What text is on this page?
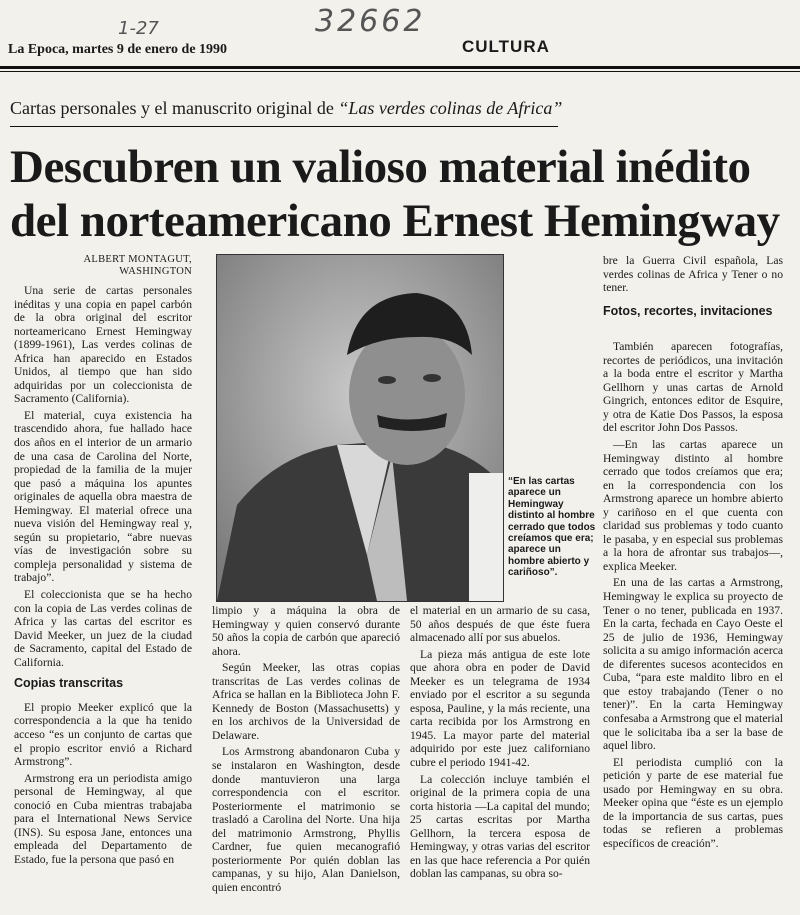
1-27	32662
La Epoca, martes 9 de enero de 1990	CULTURA
Cartas personales y el manuscrito original de “Las verdes colinas de Africa”
Descubren un valioso material inédito
del norteamericano Ernest Hemingway
ALBERT MONTAGUT,
WASHINGTON

Una serie de cartas personales inéditas y una copia en papel carbón de la obra original del escritor norteamericano Ernest Hemingway (1899-1961), Las verdes colinas de Africa han aparecido en Estados Unidos, al tiempo que han sido adquiridas por un coleccionista de Sacramento (California).

El material, cuya existencia ha trascendido ahora, fue hallado hace dos años en el interior de un armario de una casa de Carolina del Norte, propiedad de la familia de la mujer que pasó a máquina los apuntes originales de aquella obra maestra de Hemingway. El material ofrece una nueva visión del Hemingway real y, según su propietario, “abre nuevas vías de investigación sobre su compleja personalidad y sistema de trabajo”.

El coleccionista que se ha hecho con la copia de Las verdes colinas de Africa y las cartas del escritor es David Meeker, un juez de la ciudad de Sacramento, capital del Estado de California.

Copias transcritas

El propio Meeker explicó que la correspondencia a la que ha tenido acceso “es un conjunto de cartas que el propio escritor envió a Richard Armstrong”.

Armstrong era un periodista amigo personal de Hemingway, al que conoció en Cuba mientras trabajaba para el International News Service (INS). Su esposa Jane, entonces una empleada del Departamento de Estado, fue la persona que pasó en

“En las cartas aparece un Hemingway distinto al hombre cerrado que todos creíamos que era; aparece un hombre abierto y cariñoso”.

limpio y a máquina la obra de Hemingway y quien conservó durante 50 años la copia de carbón que apareció ahora.

Según Meeker, las otras copias transcritas de Las verdes colinas de Africa se hallan en la Biblioteca John F. Kennedy de Boston (Massachusetts) y en los archivos de la Universidad de Delaware.

Los Armstrong abandonaron Cuba y se instalaron en Washington, desde donde mantuvieron una larga correspondencia con el escritor. Posteriormente el matrimonio se trasladó a Carolina del Norte. Una hija del matrimonio Armstrong, Phyllis Cardner, fue quien mecanografió posteriormente Por quién doblan las campanas, y su hijo, Alan Danielson, quien encontró

el material en un armario de su casa, 50 años después de que éste fuera almacenado allí por sus abuelos.

La pieza más antigua de este lote que ahora obra en poder de David Meeker es un telegrama de 1934 enviado por el escritor a su segunda esposa, Pauline, y la más reciente, una carta recibida por los Armstrong en 1945. La mayor parte del material adquirido por este juez californiano cubre el periodo 1941-42.

La colección incluye también el original de la primera copia de una corta historia —La capital del mundo; 25 cartas escritas por Martha Gellhorn, la tercera esposa de Hemingway, y otras varias del escritor en las que hace referencia a Por quién doblan las campanas, su obra so-

bre la Guerra Civil española, Las verdes colinas de Africa y Tener o no tener.

Fotos, recortes, invitaciones

También aparecen fotografías, recortes de periódicos, una invitación a la boda entre el escritor y Martha Gellhorn y unas cartas de Arnold Gingrich, entonces editor de Esquire, y otra de Katie Dos Passos, la esposa del escritor John Dos Passos.

—En las cartas aparece un Hemingway distinto al hombre cerrado que todos creíamos que era; en la correspondencia con los Armstrong aparece un hombre abierto y cariñoso en el que cuenta con claridad sus problemas y todo cuanto le pasaba, y en especial sus problemas a la hora de afrontar sus trabajos—, explica Meeker.

En una de las cartas a Armstrong, Hemingway le explica su proyecto de Tener o no tener, publicada en 1937. En la carta, fechada en Cayo Oeste el 25 de julio de 1936, Hemingway solicita a su amigo información acerca de diferentes sucesos acontecidos en Cuba, “para este maldito libro en el que estoy trabajando (Tener o no tener)”. En la carta Hemingway confesaba a Armstrong que el material que le solicitaba iba a ser la base de aquel libro.

El periodista cumplió con la petición y parte de ese material fue usado por Hemingway en su obra. Meeker opina que “éste es un ejemplo de la importancia de sus cartas, pues todas se refieren a problemas específicos de creación”.
